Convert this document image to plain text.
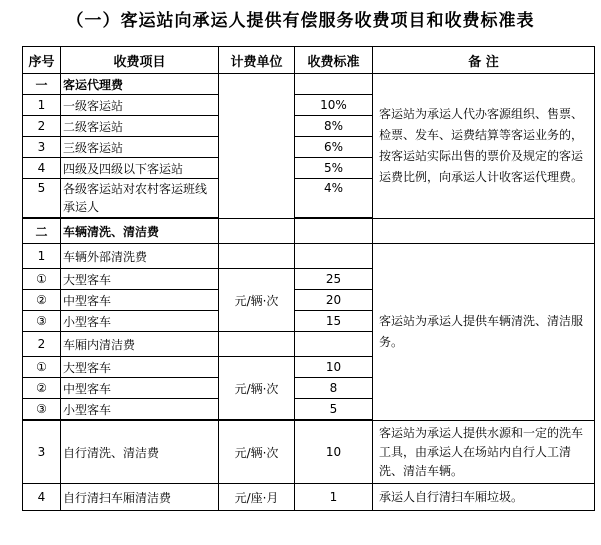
（一）客运站向承运人提供有偿服务收费项目和收费标准表
序号	收费项目	计费单位	收费标准	备 注
一	客运代理费			客运站为承运人代办客源组织、售票、检票、发车、运费结算等客运业务的，按客运站实际出售的票价及规定的客运运费比例，向承运人计收客运代理费。
1	一级客运站		10%	
2	二级客运站		8%	
3	三级客运站		6%	
4	四级及四级以下客运站		5%	
5	各级客运站对农村客运班线承运人		4%	

二	车辆清洗、清洁费			
1	车辆外部清洗费			客运站为承运人提供车辆清洗、清洁服务。
①	大型客车	元/辆·次	25	
②	中型客车		20	
③	小型客车		15	
2	车厢内清洁费			
①	大型客车	元/辆·次	10	
②	中型客车		8	
③	小型客车		5	

3	自行清洗、清洁费	元/辆·次	10	客运站为承运人提供水源和一定的洗车工具，由承运人在场站内自行人工清洗、清洁车辆。
4	自行清扫车厢清洁费	元/座·月	1	承运人自行清扫车厢垃圾。
